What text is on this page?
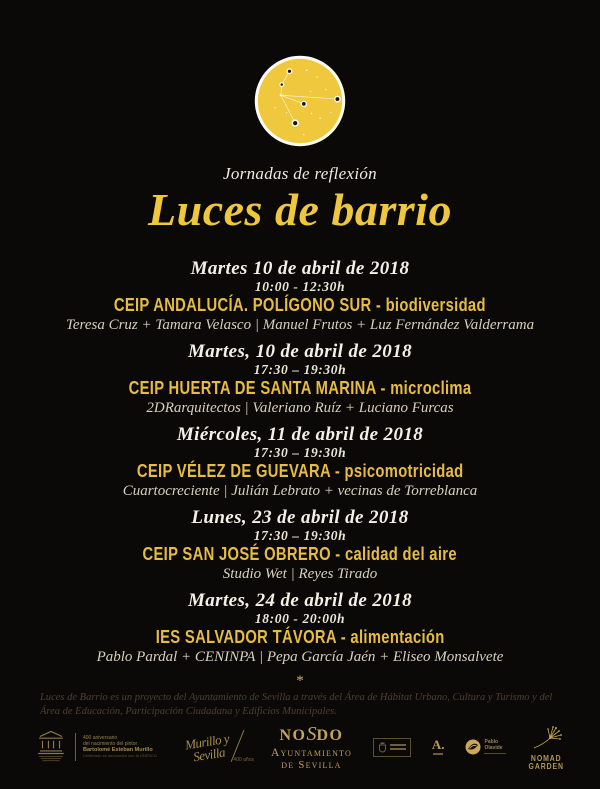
Jornadas de reflexión
Luces de barrio
Martes 10 de abril de 2018
10:00 - 12:30h
CEIP ANDALUCÍA. POLÍGONO SUR - biodiversidad
Teresa Cruz + Tamara Velasco | Manuel Frutos + Luz Fernández Valderrama
Martes, 10 de abril de 2018
17:30 – 19:30h
CEIP HUERTA DE SANTA MARINA - microclima
2DRarquitectos | Valeriano Ruíz + Luciano Furcas
Miércoles, 11 de abril de 2018
17:30 – 19:30h
CEIP VÉLEZ DE GUEVARA - psicomotricidad
Cuartocreciente | Julián Lebrato + vecinas de Torreblanca
Lunes, 23 de abril de 2018
17:30 – 19:30h
CEIP SAN JOSÉ OBRERO - calidad del aire
Studio Wet | Reyes Tirado
Martes, 24 de abril de 2018
18:00 - 20:00h
IES SALVADOR TÁVORA - alimentación
Pablo Pardal + CENINPA | Pepa García Jaén + Eliseo Monsalvete
*
Luces de Barrio es un proyecto del Ayuntamiento de Sevilla a través del Área de Hábitat Urbano, Cultura y Turismo y del Área de Educación, Participación Ciudadana y Edificios Municipales.
400 aniversario
del nacimiento del pintor
Bartolomé Esteban Murillo
Celebrado en asociación con la UNESCO
Murillo y Sevilla	400 años
NOSDO
Ayuntamiento
de Sevilla
A.	Pablo
Olavide
NOMAD
GARDEN
